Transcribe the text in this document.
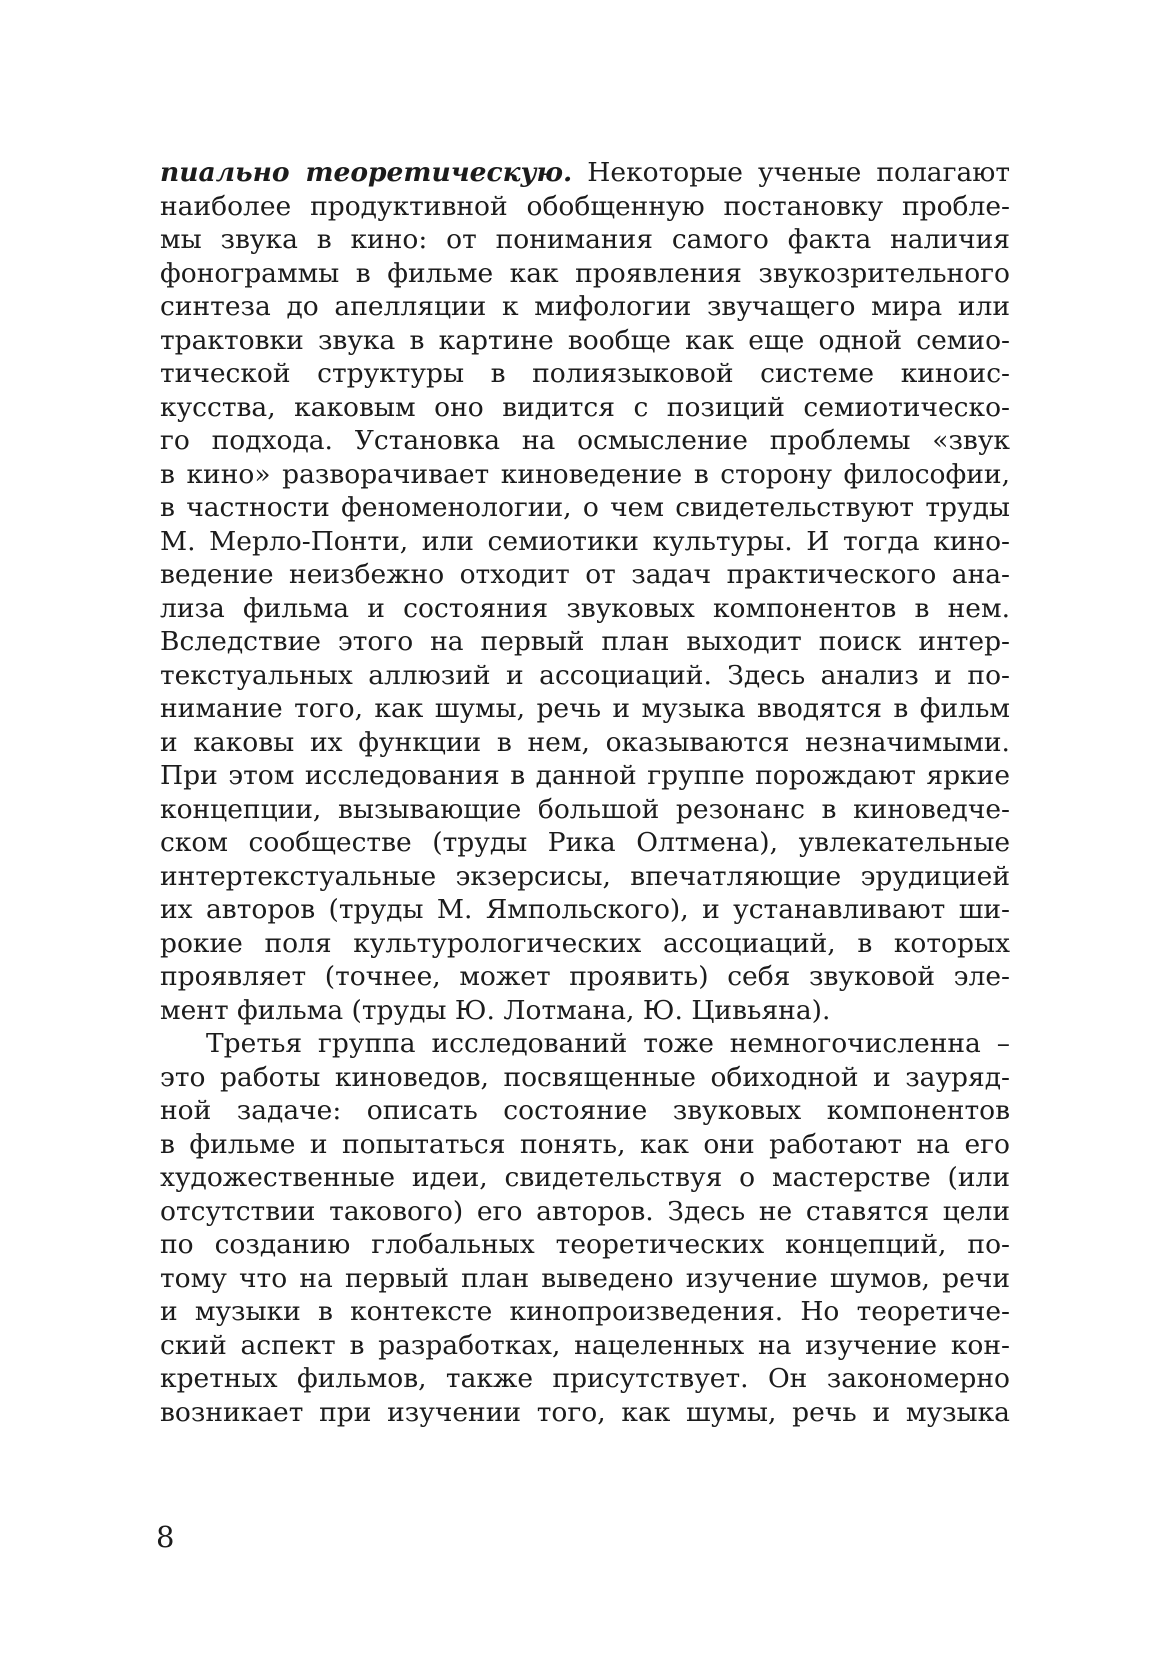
пиально теоретическую. Некоторые ученые полагают
наиболее продуктивной обобщенную постановку пробле-
мы звука в кино: от понимания самого факта наличия
фонограммы в фильме как проявления звукозрительного
синтеза до апелляции к мифологии звучащего мира или
трактовки звука в картине вообще как еще одной семио-
тической структуры в полиязыковой системе киноис-
кусства, каковым оно видится с позиций семиотическо-
го подхода. Установка на осмысление проблемы «звук
в кино» разворачивает киноведение в сторону философии,
в частности феноменологии, о чем свидетельствуют труды
М. Мерло-Понти, или семиотики культуры. И тогда кино-
ведение неизбежно отходит от задач практического ана-
лиза фильма и состояния звуковых компонентов в нем.
Вследствие этого на первый план выходит поиск интер-
текстуальных аллюзий и ассоциаций. Здесь анализ и по-
нимание того, как шумы, речь и музыка вводятся в фильм
и каковы их функции в нем, оказываются незначимыми.
При этом исследования в данной группе порождают яркие
концепции, вызывающие большой резонанс в киноведче-
ском сообществе (труды Рика Олтмена), увлекательные
интертекстуальные экзерсисы, впечатляющие эрудицией
их авторов (труды М. Ямпольского), и устанавливают ши-
рокие поля культурологических ассоциаций, в которых
проявляет (точнее, может проявить) себя звуковой эле-
мент фильма (труды Ю. Лотмана, Ю. Цивьяна).
Третья группа исследований тоже немногочисленна –
это работы киноведов, посвященные обиходной и зауряд-
ной задаче: описать состояние звуковых компонентов
в фильме и попытаться понять, как они работают на его
художественные идеи, свидетельствуя о мастерстве (или
отсутствии такового) его авторов. Здесь не ставятся цели
по созданию глобальных теоретических концепций, по-
тому что на первый план выведено изучение шумов, речи
и музыки в контексте кинопроизведения. Но теоретиче-
ский аспект в разработках, нацеленных на изучение кон-
кретных фильмов, также присутствует. Он закономерно
возникает при изучении того, как шумы, речь и музыка
8
